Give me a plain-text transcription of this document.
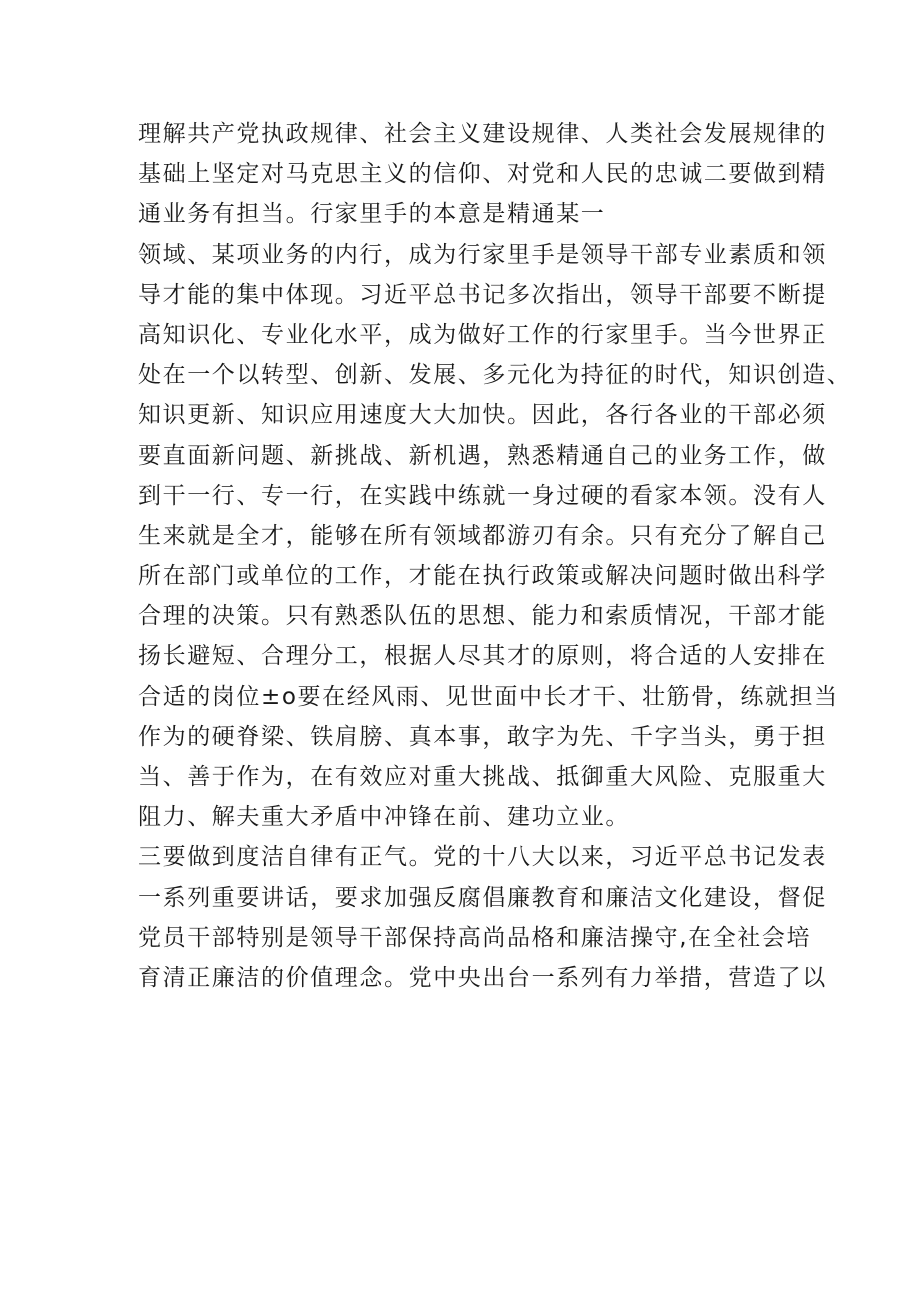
理解共产党执政规律、社会主义建设规律、人类社会发展规律的
基础上坚定对马克思主义的信仰、对党和人民的忠诚二要做到精
通业务有担当。行家里手的本意是精通某一
领域、某项业务的内行，成为行家里手是领导干部专业素质和领
导才能的集中体现。习近平总书记多次指出，领导干部要不断提
高知识化、专业化水平，成为做好工作的行家里手。当今世界正
处在一个以转型、创新、发展、多元化为持征的时代，知识创造、
知识更新、知识应用速度大大加快。因此，各行各业的干部必须
要直面新问题、新挑战、新机遇，熟悉精通自己的业务工作，做
到干一行、专一行，在实践中练就一身过硬的看家本领。没有人
生来就是全才，能够在所有领域都游刃有余。只有充分了解自己
所在部门或单位的工作，才能在执行政策或解决问题时做出科学
合理的决策。只有熟悉队伍的思想、能力和索质情况，干部才能
扬长避短、合理分工，根据人尽其才的原则，将合适的人安排在
合适的岗位±o要在经风雨、见世面中长才干、壮筋骨，练就担当
作为的硬脊梁、铁肩膀、真本事，敢字为先、千字当头，勇于担
当、善于作为，在有效应对重大挑战、抵御重大风险、克服重大
阻力、解夫重大矛盾中冲锋在前、建功立业。
三要做到度洁自律有正气。党的十八大以来，习近平总书记发表
一系列重要讲话，要求加强反腐倡廉教育和廉洁文化建设，督促
党员干部特别是领导干部保持高尚品格和廉洁操守,在全社会培
育清正廉洁的价值理念。党中央出台一系列有力举措，营造了以
